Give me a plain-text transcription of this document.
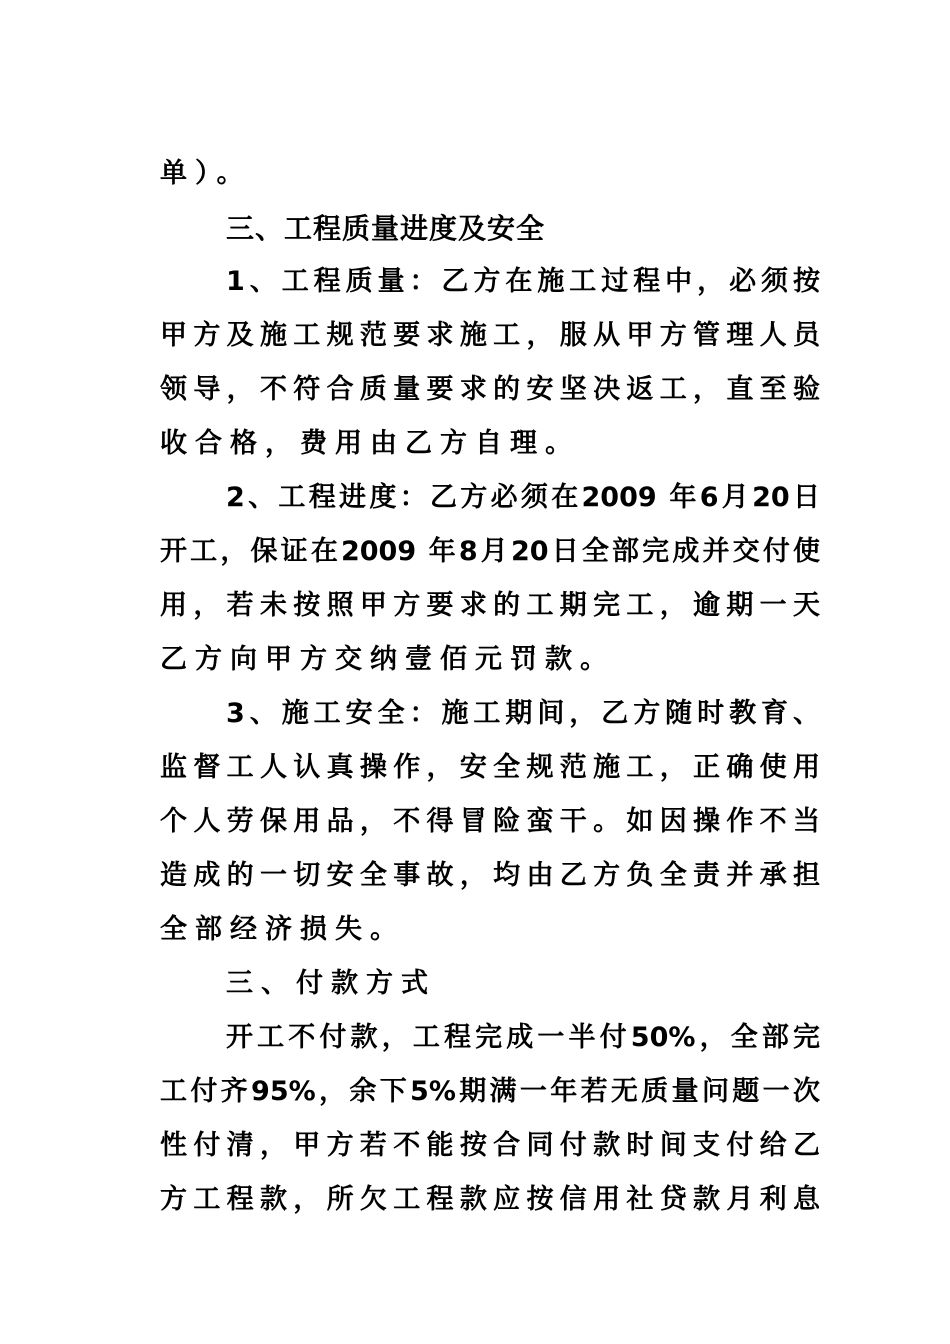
单）。
三、工程质量进度及安全
1、工程质量：乙方在施工过程中，必须按
甲方及施工规范要求施工，服从甲方管理人员
领导，不符合质量要求的安坚决返工，直至验
收合格，费用由乙方自理。
2、工程进度：乙方必须在2009 年6月20日
开工，保证在2009 年8月20日全部完成并交付使
用，若未按照甲方要求的工期完工，逾期一天
乙方向甲方交纳壹佰元罚款。
3、施工安全：施工期间，乙方随时教育、
监督工人认真操作，安全规范施工，正确使用
个人劳保用品，不得冒险蛮干。如因操作不当
造成的一切安全事故，均由乙方负全责并承担
全部经济损失。
三、付款方式
开工不付款，工程完成一半付50%，全部完
工付齐95%，余下5%期满一年若无质量问题一次
性付清，甲方若不能按合同付款时间支付给乙
方工程款，所欠工程款应按信用社贷款月利息
